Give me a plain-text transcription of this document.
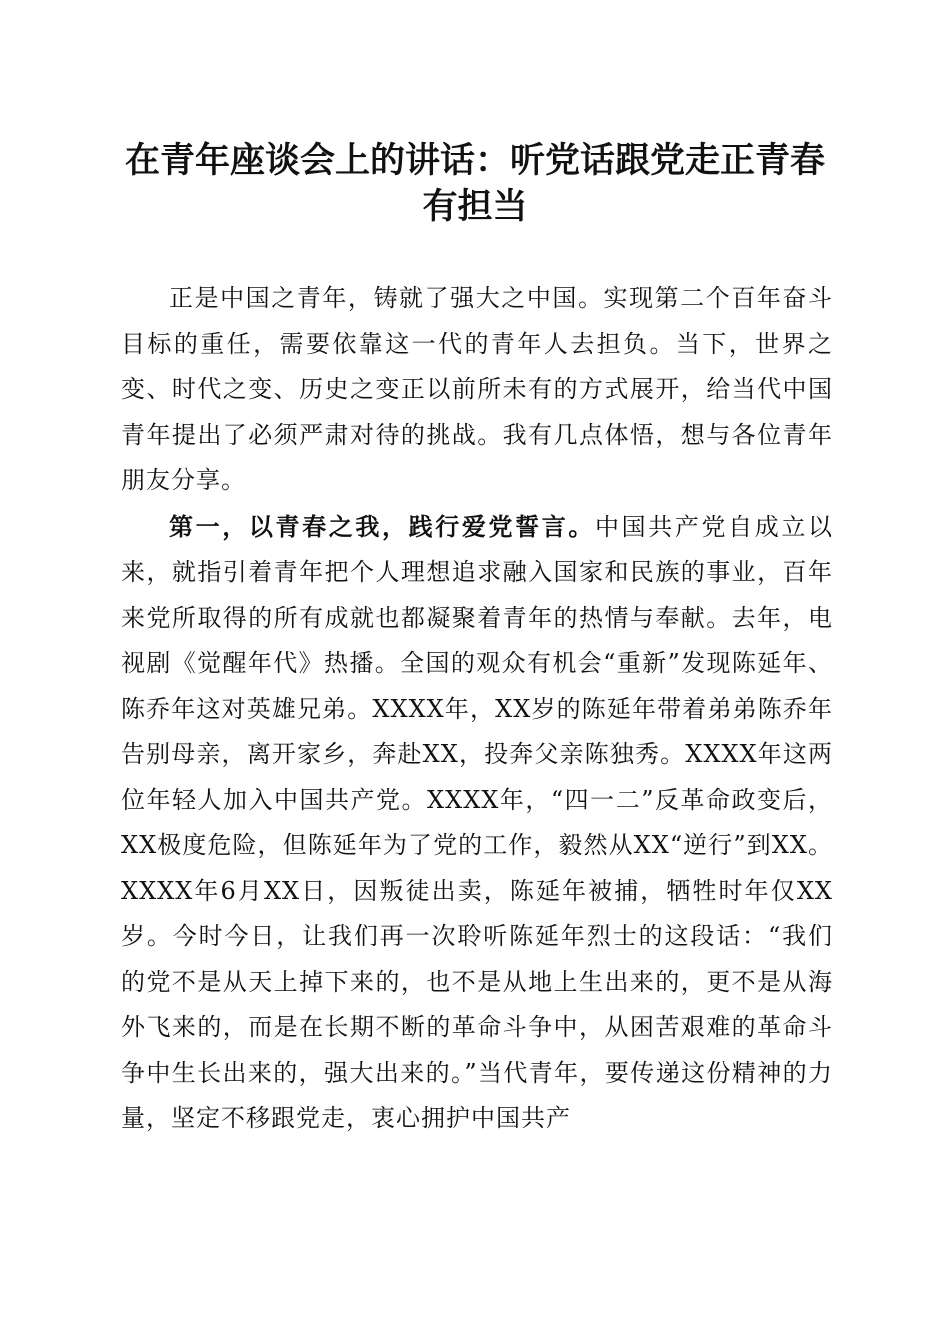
在青年座谈会上的讲话：听党话跟党走正青春有担当

正是中国之青年，铸就了强大之中国。实现第二个百年奋斗目标的重任，需要依靠这一代的青年人去担负。当下，世界之变、时代之变、历史之变正以前所未有的方式展开，给当代中国青年提出了必须严肃对待的挑战。我有几点体悟，想与各位青年朋友分享。

第一，以青春之我，践行爱党誓言。中国共产党自成立以来，就指引着青年把个人理想追求融入国家和民族的事业，百年来党所取得的所有成就也都凝聚着青年的热情与奉献。去年，电视剧《觉醒年代》热播。全国的观众有机会“重新”发现陈延年、陈乔年这对英雄兄弟。XXXX年，XX岁的陈延年带着弟弟陈乔年告别母亲，离开家乡，奔赴XX，投奔父亲陈独秀。XXXX年这两位年轻人加入中国共产党。XXXX年，“四一二”反革命政变后，XX极度危险，但陈延年为了党的工作，毅然从XX“逆行”到XX。XXXX年6月XX日，因叛徒出卖，陈延年被捕，牺牲时年仅XX岁。今时今日，让我们再一次聆听陈延年烈士的这段话：“我们的党不是从天上掉下来的，也不是从地上生出来的，更不是从海外飞来的，而是在长期不断的革命斗争中，从困苦艰难的革命斗争中生长出来的，强大出来的。”当代青年，要传递这份精神的力量，坚定不移跟党走，衷心拥护中国共产
